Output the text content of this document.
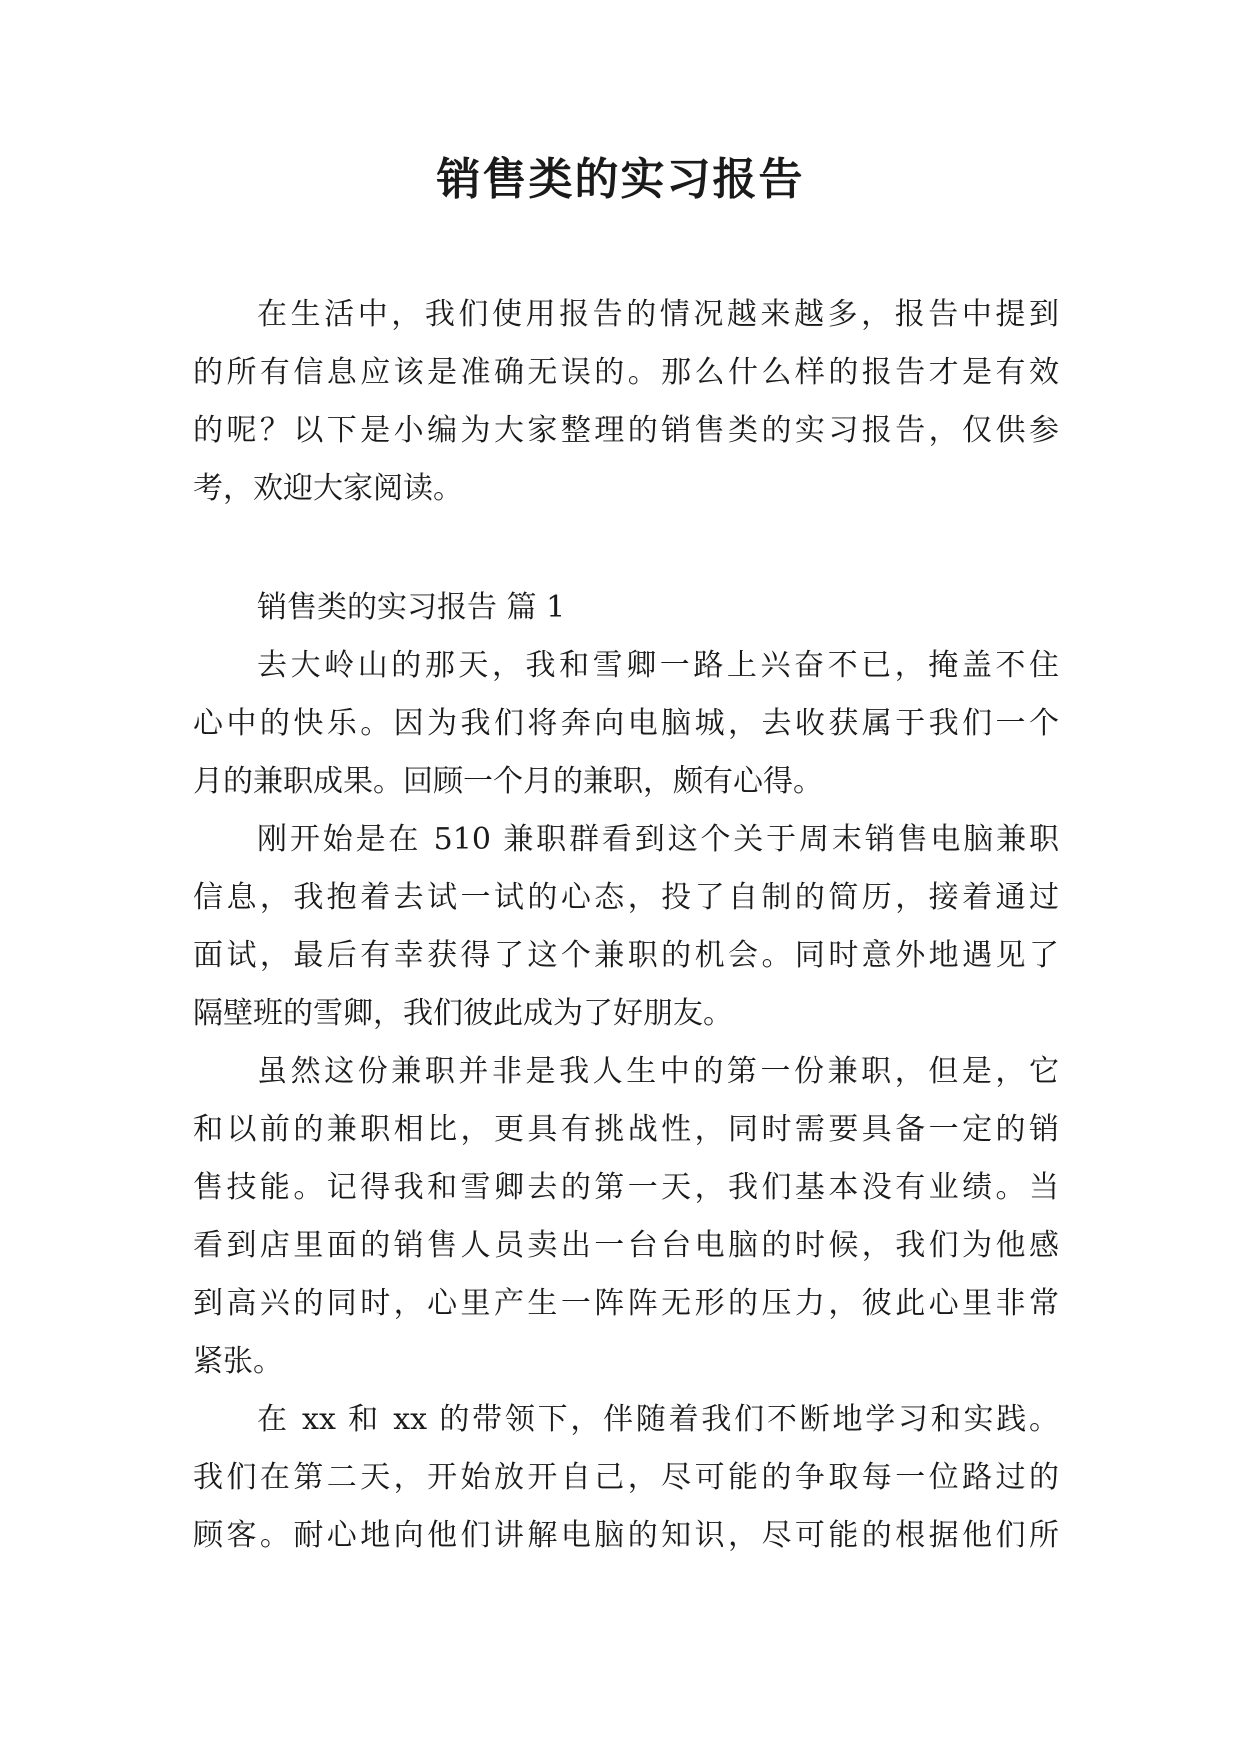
销售类的实习报告
在生活中，我们使用报告的情况越来越多，报告中提到
的所有信息应该是准确无误的。那么什么样的报告才是有效
的呢？以下是小编为大家整理的销售类的实习报告，仅供参
考，欢迎大家阅读。
销售类的实习报告 篇 1
去大岭山的那天，我和雪卿一路上兴奋不已，掩盖不住
心中的快乐。因为我们将奔向电脑城，去收获属于我们一个
月的兼职成果。回顾一个月的兼职，颇有心得。
刚开始是在 510 兼职群看到这个关于周末销售电脑兼职
信息，我抱着去试一试的心态，投了自制的简历，接着通过
面试，最后有幸获得了这个兼职的机会。同时意外地遇见了
隔壁班的雪卿，我们彼此成为了好朋友。
虽然这份兼职并非是我人生中的第一份兼职，但是，它
和以前的兼职相比，更具有挑战性，同时需要具备一定的销
售技能。记得我和雪卿去的第一天，我们基本没有业绩。当
看到店里面的销售人员卖出一台台电脑的时候，我们为他感
到高兴的同时，心里产生一阵阵无形的压力，彼此心里非常
紧张。
在 xx 和 xx 的带领下，伴随着我们不断地学习和实践。
我们在第二天，开始放开自己，尽可能的争取每一位路过的
顾客。耐心地向他们讲解电脑的知识，尽可能的根据他们所
